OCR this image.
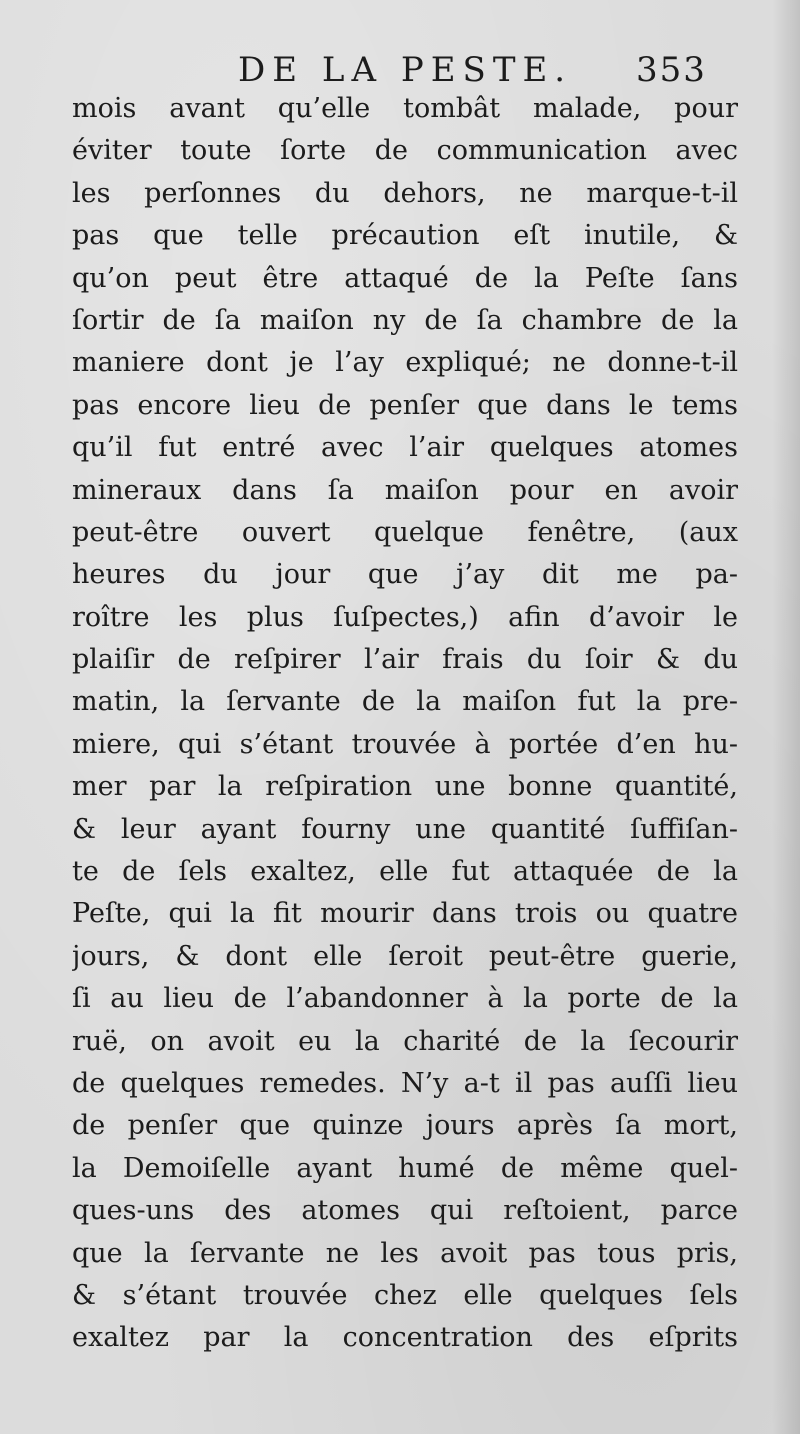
DE LA PESTE. 353
mois avant qu’elle tombât malade, pour
éviter toute ſorte de communication avec
les perſonnes du dehors, ne marque-t-il
pas que telle précaution eſt inutile, &
qu’on peut être attaqué de la Peſte ſans
ſortir de ſa maiſon ny de ſa chambre de la
maniere dont je l’ay expliqué; ne donne-t-il
pas encore lieu de penſer que dans le tems
qu’il fut entré avec l’air quelques atomes
mineraux dans ſa maiſon pour en avoir
peut-être ouvert quelque fenêtre, (aux
heures du jour que j’ay dit me pa-
roître les plus ſuſpectes,) afin d’avoir le
plaiſir de reſpirer l’air frais du ſoir & du
matin, la ſervante de la maiſon fut la pre-
miere, qui s’étant trouvée à portée d’en hu-
mer par la reſpiration une bonne quantité,
& leur ayant fourny une quantité ſuffiſan-
te de ſels exaltez, elle fut attaquée de la
Peſte, qui la fit mourir dans trois ou quatre
jours, & dont elle ſeroit peut-être guerie,
ſi au lieu de l’abandonner à la porte de la
ruë, on avoit eu la charité de la ſecourir
de quelques remedes. N’y a-t il pas auſſi lieu
de penſer que quinze jours après ſa mort,
la Demoiſelle ayant humé de même quel-
ques-uns des atomes qui reſtoient, parce
que la ſervante ne les avoit pas tous pris,
& s’étant trouvée chez elle quelques ſels
exaltez par la concentration des eſprits
